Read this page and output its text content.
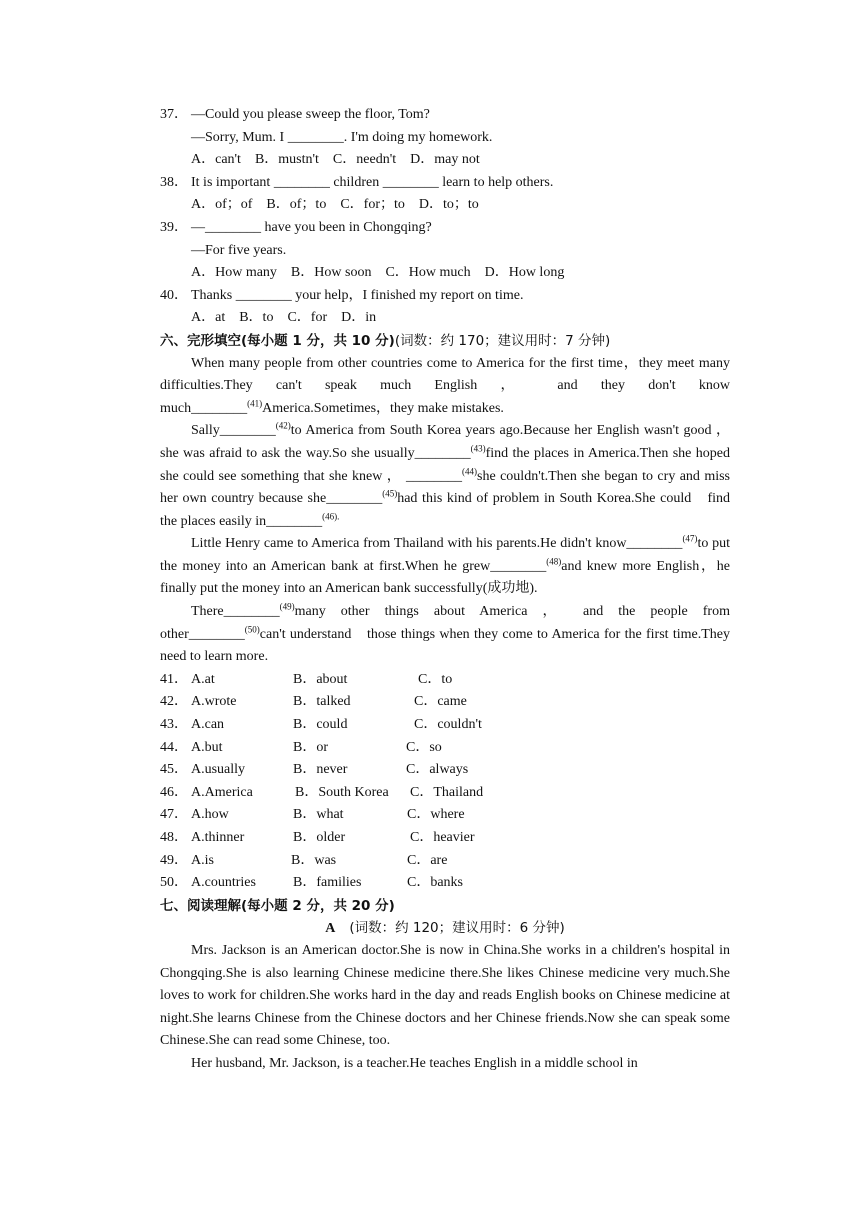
37． —Could you please sweep the floor, Tom?
—Sorry, Mum. I ________. I'm doing my homework.
A．can't　B．mustn't　C．needn't　D．may not
38． It is important ________ children ________ learn to help others.
A．of；of　B．of；to　C．for；to　D．to；to
39． —________ have you been in Chongqing?
—For five years.
A．How many　B．How soon　C．How much　D．How long
40． Thanks ________ your help，I finished my report on time.
A．at　B．to　C．for　D．in
六、完形填空(每小题 1 分，共 10 分)(词数：约 170；建议用时：7 分钟)

When many people from other countries come to America for the first time，they meet many difficulties.They can't speak much English ， and they don't know much________$^{(41)}$America.Sometimes，they make mistakes.

Sally________$^{(42)}$to America from South Korea years ago.Because her English wasn't good ， she was afraid to ask the way.So she usually________$^{(43)}$find the places in America.Then she hoped she could see something that she knew ， ________$^{(44)}$she couldn't.Then she began to cry and miss her own country because she________$^{(45)}$had this kind of problem in South Korea.She could　find the places easily in________$^{(46).}$

Little Henry came to America from Thailand with his parents.He didn't know________$^{(47)}$to put the money into an American bank at first.When he grew________$^{(48)}$and knew more English，he finally put the money into an American bank successfully(成功地).

There________$^{(49)}$many other things about America ， and the people from other________$^{(50)}$can't understand　those things when they come to America for the first time.They need to learn more.

41． A.at	B．about	C．to
42． A.wrote	B．talked	C．came
43． A.can	B．could	C．couldn't
44． A.but	B．or	C．so
45． A.usually	B．never	C．always
46． A.America	B．South Korea C．Thailand
47． A.how	B．what	C．where
48． A.thinner	B．older	C．heavier
49． A.is	B．was	C．are
50． A.countries	B．families	C．banks
七、阅读理解(每小题 2 分，共 20 分)
A　 (词数：约 120；建议用时：6 分钟)

Mrs. Jackson is an American doctor.She is now in China.She works in a children's hospital in Chongqing.She is also learning Chinese medicine there.She likes Chinese medicine very much.She loves to work for children.She works hard in the day and reads English books on Chinese medicine at night.She learns Chinese from the Chinese doctors and her Chinese friends.Now she can speak some Chinese.She can read some Chinese, too.

Her husband, Mr. Jackson, is a teacher.He teaches English in a middle school in
